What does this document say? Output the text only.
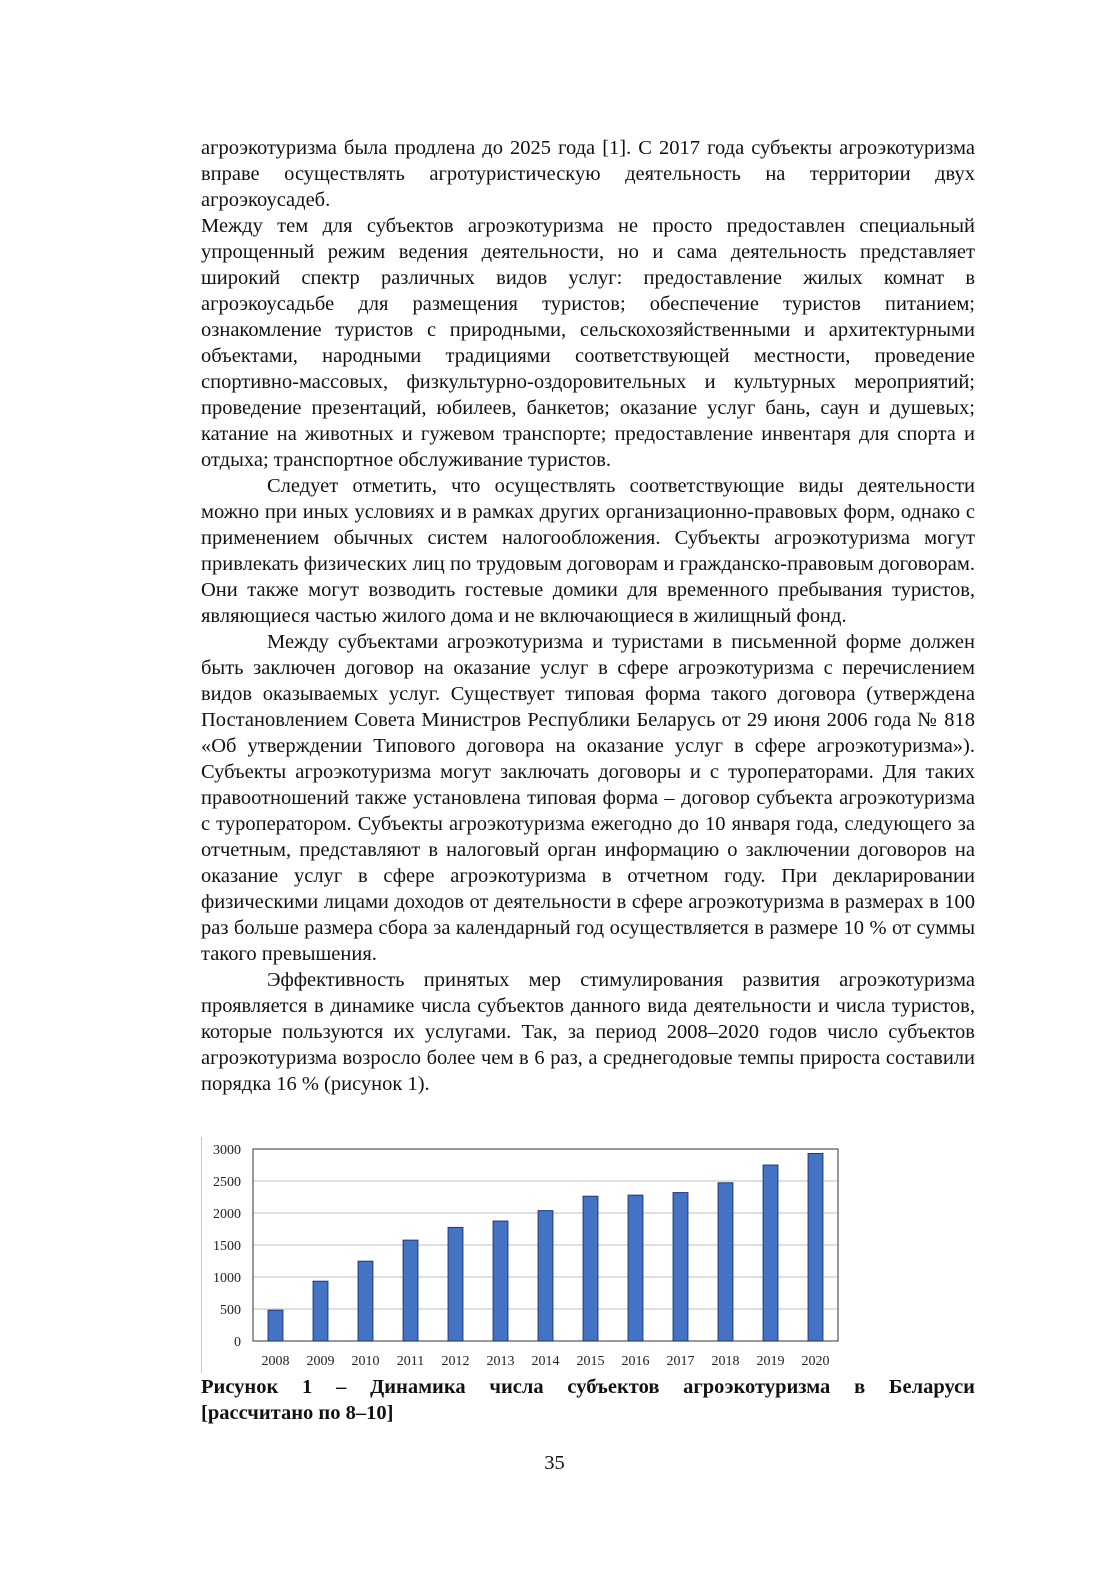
агроэкотуризма была продлена до 2025 года [1]. С 2017 года субъекты агроэкотуризма вправе осуществлять агротуристическую деятельность на территории двух агроэкоусадеб.

Между тем для субъектов агроэкотуризма не просто предоставлен специальный упрощенный режим ведения деятельности, но и сама деятельность представляет широкий спектр различных видов услуг: предоставление жилых комнат в агроэкоусадьбе для размещения туристов; обеспечение туристов питанием; ознакомление туристов с природными, сельскохозяйственными и архитектурными объектами, народными традициями соответствующей местности, проведение спортивно-массовых, физкультурно-оздоровительных и культурных мероприятий; проведение презентаций, юбилеев, банкетов; оказание услуг бань, саун и душевых; катание на животных и гужевом транспорте; предоставление инвентаря для спорта и отдыха; транспортное обслуживание туристов.

Следует отметить, что осуществлять соответствующие виды деятельности можно при иных условиях и в рамках других организационно-правовых форм, однако с применением обычных систем налогообложения. Субъекты агроэкотуризма могут привлекать физических лиц по трудовым договорам и гражданско-правовым договорам. Они также могут возводить гостевые домики для временного пребывания туристов, являющиеся частью жилого дома и не включающиеся в жилищный фонд.

Между субъектами агроэкотуризма и туристами в письменной форме должен быть заключен договор на оказание услуг в сфере агроэкотуризма с перечислением видов оказываемых услуг. Существует типовая форма такого договора (утверждена Постановлением Совета Министров Республики Беларусь от 29 июня 2006 года № 818 «Об утверждении Типового договора на оказание услуг в сфере агроэкотуризма»). Субъекты агроэкотуризма могут заключать договоры и с туроператорами. Для таких правоотношений также установлена типовая форма – договор субъекта агроэкотуризма с туроператором. Субъекты агроэкотуризма ежегодно до 10 января года, следующего за отчетным, представляют в налоговый орган информацию о заключении договоров на оказание услуг в сфере агроэкотуризма в отчетном году. При декларировании физическими лицами доходов от деятельности в сфере агроэкотуризма в размерах в 100 раз больше размера сбора за календарный год осуществляется в размере 10 % от суммы такого превышения.

Эффективность принятых мер стимулирования развития агроэкотуризма проявляется в динамике числа субъектов данного вида деятельности и числа туристов, которые пользуются их услугами. Так, за период 2008–2020 годов число субъектов агроэкотуризма возросло более чем в 6 раз, а среднегодовые темпы прироста составили порядка 16 % (рисунок 1).

0
500
1000
1500
2000
2500
3000
2008 2009 2010 2011 2012 2013 2014 2015 2016 2017 2018 2019 2020
Рисунок 1 – Динамика числа субъектов агроэкотуризма в Беларуси
[рассчитано по 8–10]
35
